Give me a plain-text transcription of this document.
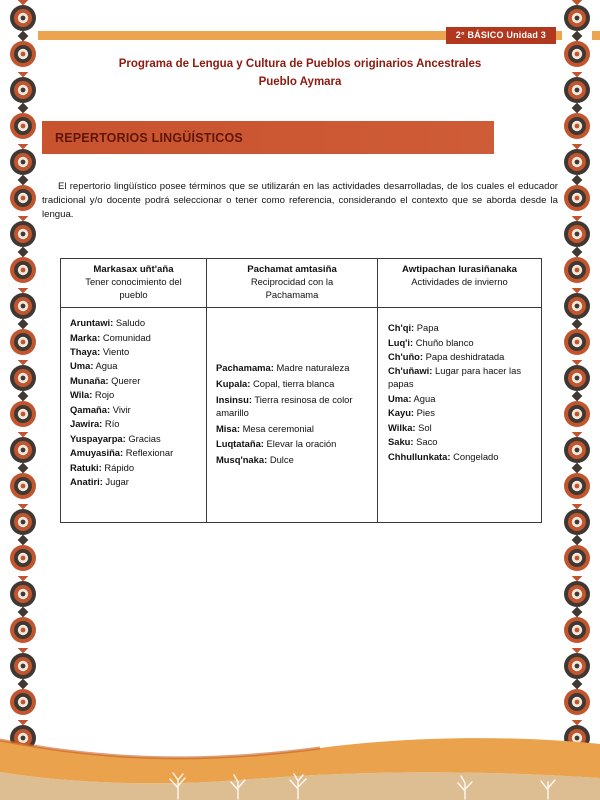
2° BÁSICO Unidad 3
Programa de Lengua y Cultura de Pueblos originarios Ancestrales
Pueblo Aymara
REPERTORIOS LINGÜÍSTICOS

El repertorio lingüístico posee términos que se utilizarán en las actividades desarrolladas, de los cuales el educador tradicional y/o docente podrá seleccionar o tener como referencia, considerando el contexto que se aborda desde la lengua.

Markasax uñt'aña
Tener conocimiento del pueblo
Pachamat amtasiña
Reciprocidad con la Pachamama
Awtipachan lurasiñanaka
Actividades de invierno
Aruntawi: Saludo
Marka: Comunidad
Thaya: Viento
Uma: Agua
Munaña: Querer
Wila: Rojo
Qamaña: Vivir
Jawira: Río
Yuspayarpa: Gracias
Amuyasiña: Reflexionar
Ratuki: Rápido
Anatiri: Jugar
Pachamama: Madre naturaleza
Kupala: Copal, tierra blanca
Insinsu: Tierra resinosa de color amarillo
Misa: Mesa ceremonial
Luqtataña: Elevar la oración
Musq'naka: Dulce
Ch'qi: Papa
Luq'i: Chuño blanco
Ch'uño: Papa deshidratada
Ch'uñawi: Lugar para hacer las papas
Uma: Agua
Kayu: Pies
Wilka: Sol
Saku: Saco
Chhullunkata: Congelado
